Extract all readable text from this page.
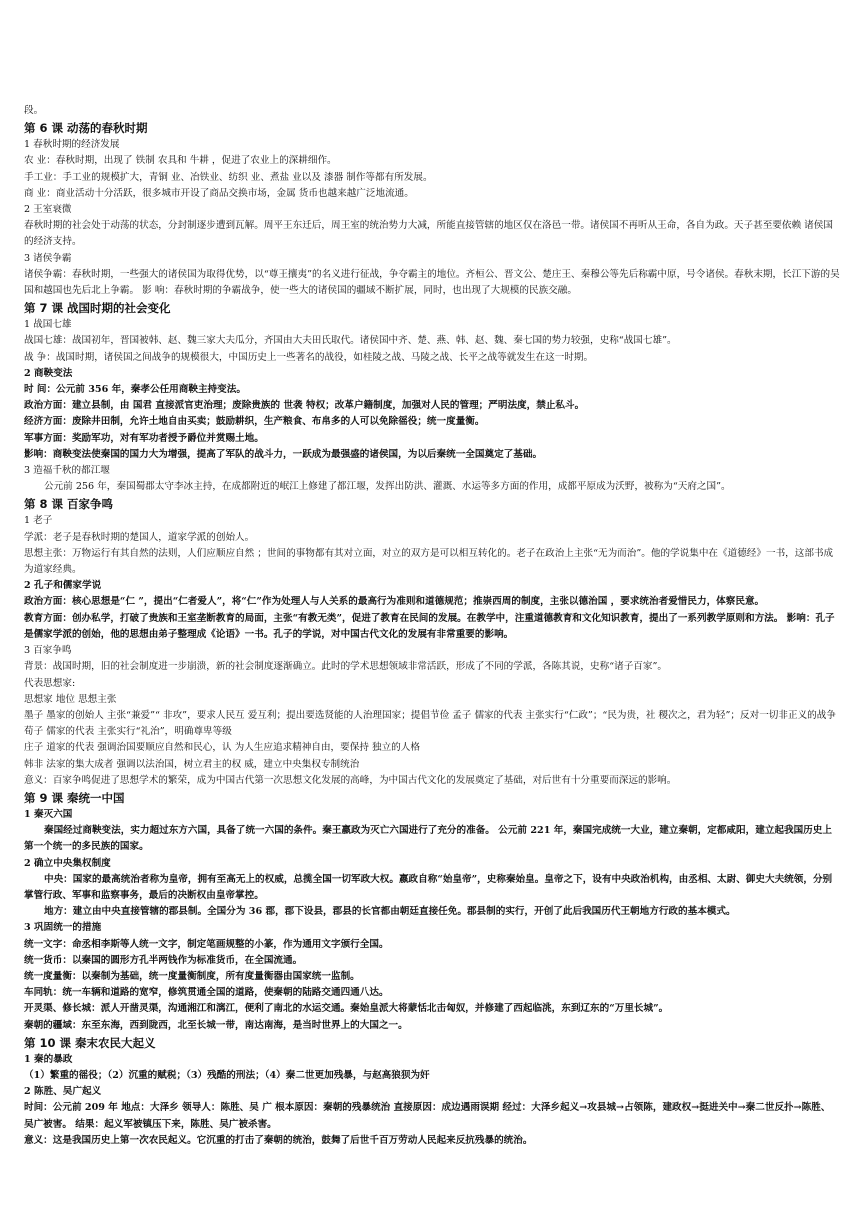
段。
第 6 课 动荡的春秋时期
1 春秋时期的经济发展
农 业：春秋时期，出现了 铁制 农具和 牛耕 ，促进了农业上的深耕细作。
手工业：手工业的规模扩大，青铜 业、冶铁业、纺织 业、煮盐 业以及 漆器 制作等都有所发展。
商 业：商业活动十分活跃，很多城市开设了商品交换市场，金属 货币也越来越广泛地流通。
2 王室衰微
春秋时期的社会处于动荡的状态，分封制逐步遭到瓦解。周平王东迁后，周王室的统治势力大减，所能直接管辖的地区仅在洛邑一带。诸侯国不再听从王命，各自为政。天子甚至要依赖 诸侯国 的经济支持。
3 诸侯争霸
诸侯争霸：春秋时期，一些强大的诸侯国为取得优势，以“尊王攘夷”的名义进行征战，争夺霸主的地位。齐桓公、晋文公、楚庄王、秦穆公等先后称霸中原，号令诸侯。春秋末期，长江下游的吴国和越国也先后北上争霸。 影 响：春秋时期的争霸战争，使一些大的诸侯国的疆域不断扩展，同时，也出现了大规模的民族交融。
第 7 课 战国时期的社会变化
1 战国七雄
战国七雄：战国初年，晋国被韩、赵、魏三家大夫瓜分，齐国由大夫田氏取代。诸侯国中齐、楚、燕、韩、赵、魏、秦七国的势力较强，史称“战国七雄”。
战 争：战国时期，诸侯国之间战争的规模很大，中国历史上一些著名的战役，如桂陵之战、马陵之战、长平之战等就发生在这一时期。
2 商鞅变法
时 间：公元前 356 年，秦孝公任用商鞅主持变法。
政治方面：建立县制，由 国君 直接派官吏治理；废除贵族的 世袭 特权；改革户籍制度，加强对人民的管理；严明法度，禁止私斗。
经济方面：废除井田制，允许土地自由买卖；鼓励耕织，生产粮食、布帛多的人可以免除徭役；统一度量衡。
军事方面：奖励军功，对有军功者授予爵位并赏赐土地。
影响：商鞅变法使秦国的国力大为增强，提高了军队的战斗力，一跃成为最强盛的诸侯国，为以后秦统一全国奠定了基础。
3 造福千秋的都江堰
公元前 256 年，秦国蜀郡太守李冰主持，在成都附近的岷江上修建了都江堰，发挥出防洪、灌溉、水运等多方面的作用，成都平原成为沃野，被称为“天府之国”。
第 8 课 百家争鸣
1 老子
学派：老子是春秋时期的楚国人，道家学派的创始人。
思想主张：万物运行有其自然的法则，人们应顺应自然 ；世间的事物都有其对立面，对立的双方是可以相互转化的。老子在政治上主张“无为而治”。他的学说集中在《道德经》一书，这部书成为道家经典。
2 孔子和儒家学说
政治方面：核心思想是“仁 ”，提出“仁者爱人”，将“仁”作为处理人与人关系的最高行为准则和道德规范；推崇西周的制度，主张以德治国 ，要求统治者爱惜民力，体察民意。
教育方面：创办私学，打破了贵族和王室垄断教育的局面，主张“有教无类”，促进了教育在民间的发展。在教学中，注重道德教育和文化知识教育，提出了一系列教学原则和方法。 影响：孔子是儒家学派的创始，他的思想由弟子整理成《论语》一书。孔子的学说，对中国古代文化的发展有非常重要的影响。
3 百家争鸣
背景：战国时期，旧的社会制度进一步崩溃，新的社会制度逐渐确立。此时的学术思想领域非常活跃，形成了不同的学派，各陈其说，史称“诸子百家”。
代表思想家:
思想家 地位 思想主张
墨子 墨家的创始人 主张“兼爱”“ 非攻”，要求人民互 爱互利；提出要选贤能的人治理国家；提倡节俭 孟子 儒家的代表 主张实行“仁政”；“民为贵，社 稷次之，君为轻”；反对一切非正义的战争
荀子 儒家的代表 主张实行“礼治”，明确尊卑等级
庄子 道家的代表 强调治国要顺应自然和民心，认 为人生应追求精神自由，要保持 独立的人格
韩非 法家的集大成者 强调以法治国，树立君主的权 威，建立中央集权专制统治
意义：百家争鸣促进了思想学术的繁荣，成为中国古代第一次思想文化发展的高峰，为中国古代文化的发展奠定了基础，对后世有十分重要而深远的影响。
第 9 课 秦统一中国
1 秦灭六国
秦国经过商鞅变法，实力超过东方六国，具备了统一六国的条件。秦王嬴政为灭亡六国进行了充分的准备。 公元前 221 年，秦国完成统一大业，建立秦朝，定都咸阳，建立起我国历史上第一个统一的多民族的国家。
2 确立中央集权制度
中央：国家的最高统治者称为皇帝，拥有至高无上的权威，总揽全国一切军政大权。嬴政自称“始皇帝”，史称秦始皇。皇帝之下，设有中央政治机构，由丞相、太尉、御史大夫统领，分别掌管行政、军事和监察事务，最后的决断权由皇帝掌控。
地方：建立由中央直接管辖的郡县制。全国分为 36 郡，郡下设县，郡县的长官都由朝廷直接任免。郡县制的实行，开创了此后我国历代王朝地方行政的基本模式。
3 巩固统一的措施
统一文字：命丞相李斯等人统一文字，制定笔画规整的小篆，作为通用文字颁行全国。
统一货币：以秦国的圆形方孔半两钱作为标准货币，在全国流通。
统一度量衡：以秦制为基础，统一度量衡制度，所有度量衡器由国家统一监制。
车同轨：统一车辆和道路的宽窄，修筑贯通全国的道路，使秦朝的陆路交通四通八达。
开灵渠、修长城：派人开凿灵渠，沟通湘江和漓江，便利了南北的水运交通。秦始皇派大将蒙恬北击匈奴，并修建了西起临洮，东到辽东的“万里长城”。
秦朝的疆域：东至东海，西到陇西，北至长城一带，南达南海，是当时世界上的大国之一。
第 10 课 秦末农民大起义
1 秦的暴政
（1）繁重的徭役；（2）沉重的赋税；（3）残酷的刑法；（4）秦二世更加残暴，与赵高狼狈为奸
2 陈胜、吴广起义
时间：公元前 209 年 地点：大泽乡 领导人：陈胜、吴 广 根本原因：秦朝的残暴统治 直接原因：成边遇雨误期 经过：大泽乡起义→攻县城→占领陈，建政权→挺进关中→秦二世反扑→陈胜、吴广被害。 结果：起义军被镇压下来，陈胜、吴广被杀害。
意义：这是我国历史上第一次农民起义。它沉重的打击了秦朝的统治，鼓舞了后世千百万劳动人民起来反抗残暴的统治。
